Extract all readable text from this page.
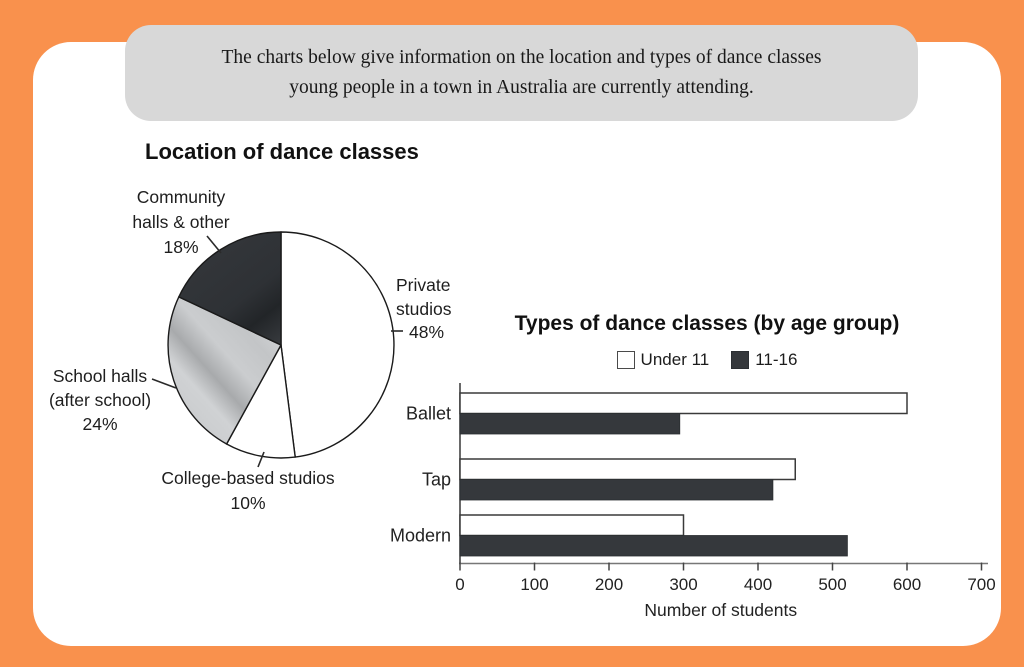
The charts below give information on the location and types of dance classes
young people in a town in Australia are currently attending.
Location of dance classes
Private
studios
48%
College-based studios
10%
School halls
(after school)
24%
Community
halls & other
18%
Types of dance classes (by age group)
Under 11	11-16
0	100	200	300	400	500	600	700
Ballet
Tap
Modern
Number of students
